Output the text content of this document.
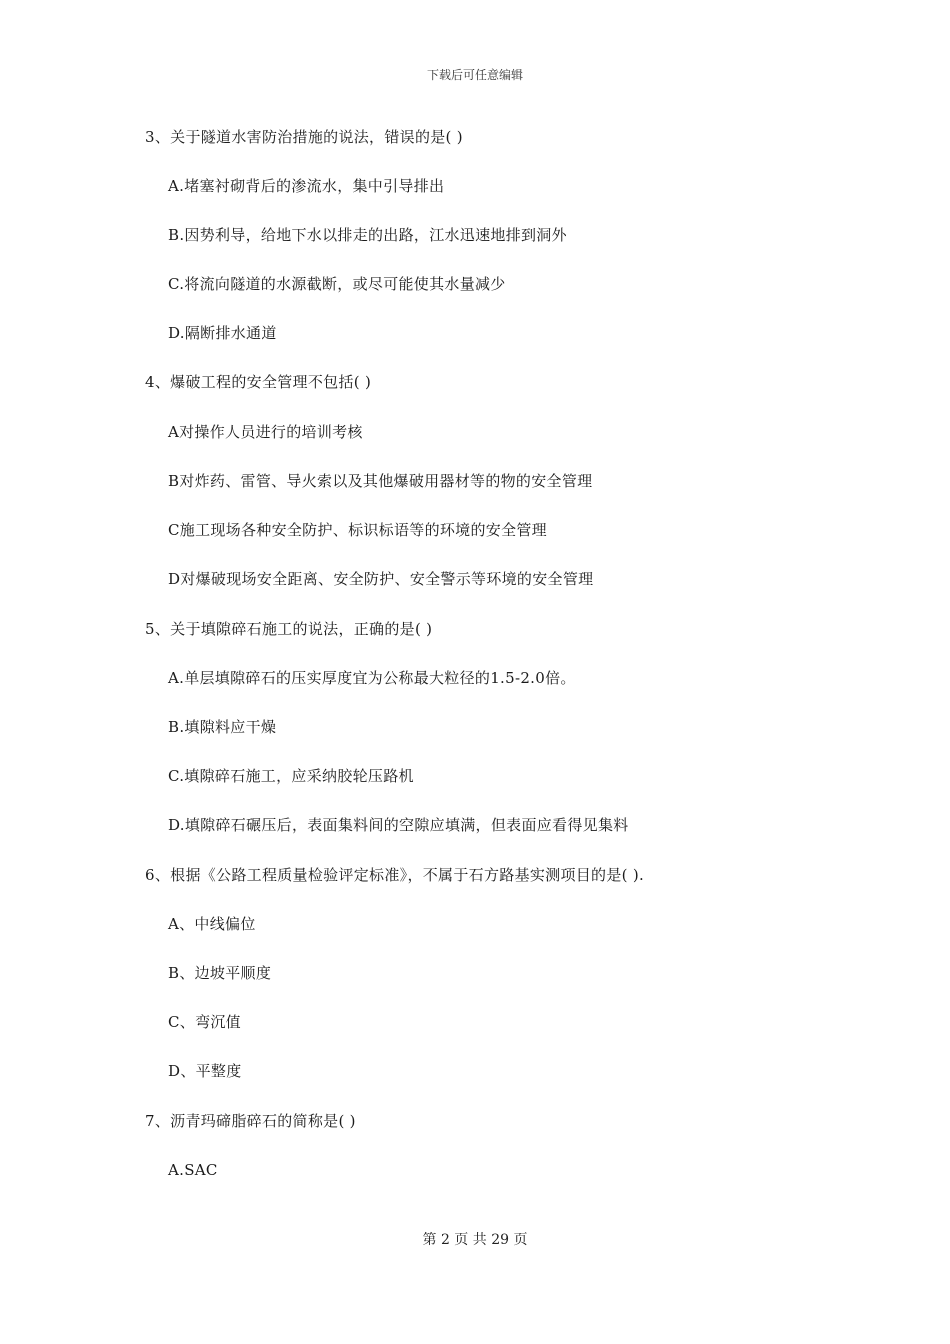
下载后可任意编辑
3、关于隧道水害防治措施的说法，错误的是( )
A.堵塞衬砌背后的渗流水，集中引导排出
B.因势利导，给地下水以排走的出路，江水迅速地排到洞外
C.将流向隧道的水源截断，或尽可能使其水量减少
D.隔断排水通道
4、爆破工程的安全管理不包括( )
A对操作人员进行的培训考核
B对炸药、雷管、导火索以及其他爆破用器材等的物的安全管理
C施工现场各种安全防护、标识标语等的环境的安全管理
D对爆破现场安全距离、安全防护、安全警示等环境的安全管理
5、关于填隙碎石施工的说法，正确的是( )
A.单层填隙碎石的压实厚度宜为公称最大粒径的1.5-2.0倍。
B.填隙料应干燥
C.填隙碎石施工，应采纳胶轮压路机
D.填隙碎石碾压后，表面集料间的空隙应填满，但表面应看得见集料
6、根据《公路工程质量检验评定标准》，不属于石方路基实测项目的是( ).
A、中线偏位
B、边坡平顺度
C、弯沉值
D、平整度
7、沥青玛碲脂碎石的简称是( )
A.SAC
第 2 页 共 29 页
